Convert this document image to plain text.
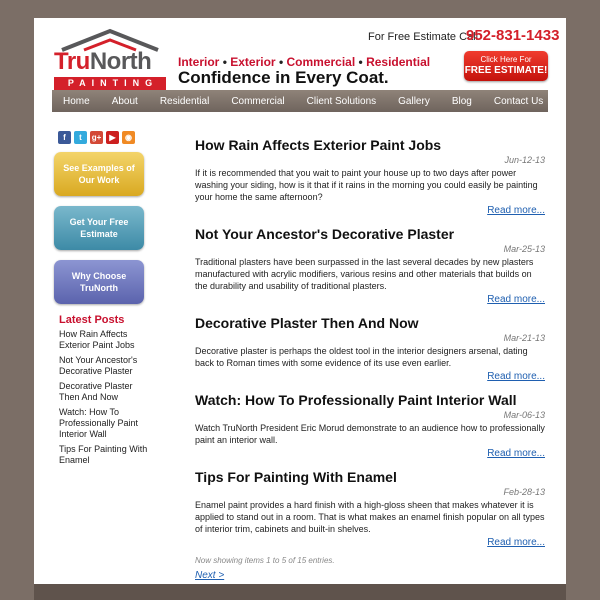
TruNorth
PAINTING
For Free Estimate Call
952-831-1433
Interior • Exterior • Commercial • Residential
Confidence in Every Coat.
Click Here For
FREE ESTIMATE!
Home	About	Residential	Commercial	Client Solutions	Gallery	Blog	Contact Us
f	t	g+	▶	◉
See Examples of Our Work
Get Your Free Estimate
Why Choose TruNorth
Latest Posts
How Rain Affects Exterior Paint Jobs
Not Your Ancestor's Decorative Plaster
Decorative Plaster Then And Now
Watch: How To Professionally Paint Interior Wall
Tips For Painting With Enamel
How Rain Affects Exterior Paint Jobs
Jun-12-13
If it is recommended that you wait to paint your house up to two days after power washing your siding, how is it that if it rains in the morning you could easily be painting your home the same afternoon?
Read more...
Not Your Ancestor's Decorative Plaster
Mar-25-13
Traditional plasters have been surpassed in the last several decades by new plasters manufactured with acrylic modifiers, various resins and other materials that builds on the durability and usability of traditional plasters.
Read more...
Decorative Plaster Then And Now
Mar-21-13
Decorative plaster is perhaps the oldest tool in the interior designers arsenal, dating back to Roman times with some evidence of its use even earlier.
Read more...
Watch: How To Professionally Paint Interior Wall
Mar-06-13
Watch TruNorth President Eric Morud demonstrate to an audience how to professionally paint an interior wall.
Read more...
Tips For Painting With Enamel
Feb-28-13
Enamel paint provides a hard finish with a high-gloss sheen that makes whatever it is applied to stand out in a room. That is what makes an enamel finish popular on all types of interior trim, cabinets and built-in shelves.
Read more...
Now showing items 1 to 5 of 15 entries.
Next >
